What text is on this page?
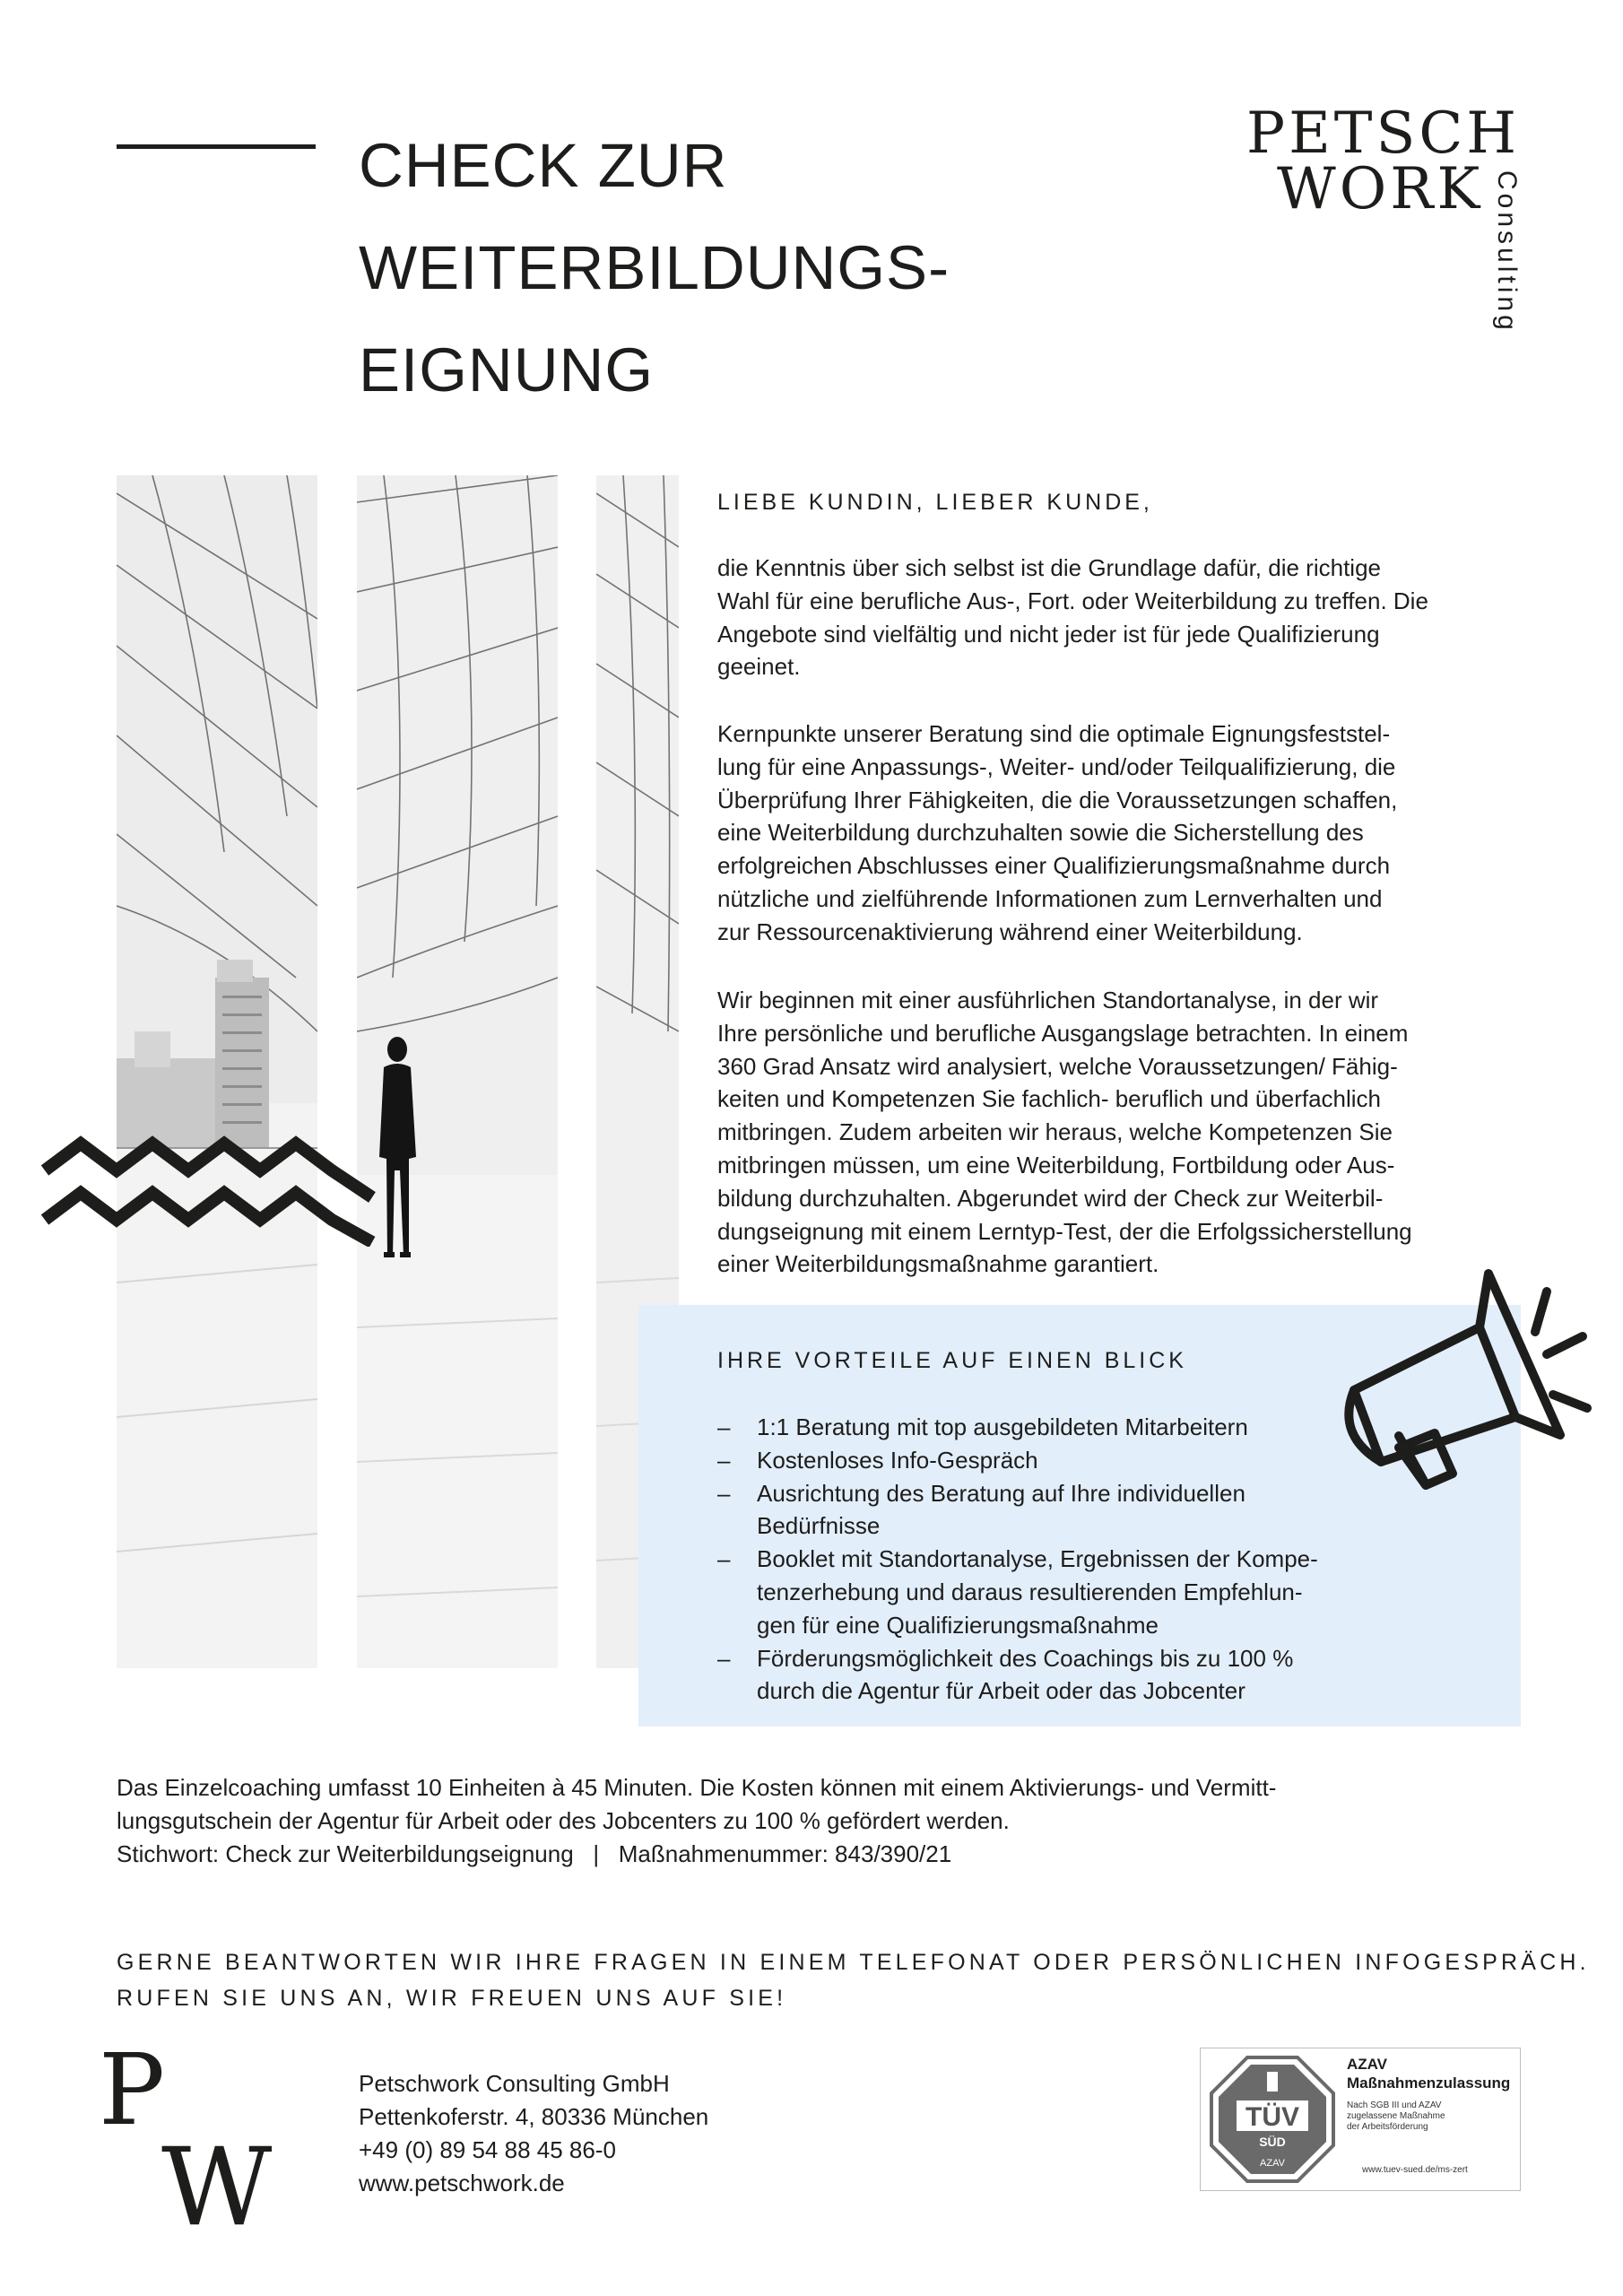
CHECK ZUR
WEITERBILDUNGS-
EIGNUNG
PETSCH
WORK Consulting
LIEBE KUNDIN, LIEBER KUNDE,
die Kenntnis über sich selbst ist die Grundlage dafür, die richtige
Wahl für eine berufliche Aus-, Fort. oder Weiterbildung zu treffen. Die
Angebote sind vielfältig und nicht jeder ist für jede Qualifizierung
geeinet.
Kernpunkte unserer Beratung sind die optimale Eignungsfeststel-
lung für eine Anpassungs-, Weiter- und/oder Teilqualifizierung, die
Überprüfung Ihrer Fähigkeiten, die die Voraussetzungen schaffen,
eine Weiterbildung durchzuhalten sowie die Sicherstellung des
erfolgreichen Abschlusses einer Qualifizierungsmaßnahme durch
nützliche und zielführende Informationen zum Lernverhalten und
zur Ressourcenaktivierung während einer Weiterbildung.
Wir beginnen mit einer ausführlichen Standortanalyse, in der wir
Ihre persönliche und berufliche Ausgangslage betrachten. In einem
360 Grad Ansatz wird analysiert, welche Voraussetzungen/ Fähig-
keiten und Kompetenzen Sie fachlich- beruflich und überfachlich
mitbringen. Zudem arbeiten wir heraus, welche Kompetenzen Sie
mitbringen müssen, um eine Weiterbildung, Fortbildung oder Aus-
bildung durchzuhalten. Abgerundet wird der Check zur Weiterbil-
dungseignung mit einem Lerntyp-Test, der die Erfolgssicherstellung
einer Weiterbildungsmaßnahme garantiert.
IHRE VORTEILE AUF EINEN BLICK
– 1:1 Beratung mit top ausgebildeten Mitarbeitern
– Kostenloses Info-Gespräch
– Ausrichtung des Beratung auf Ihre individuellen
Bedürfnisse
– Booklet mit Standortanalyse, Ergebnissen der Kompe-
tenzerhebung und daraus resultierenden Empfehlun-
gen für eine Qualifizierungsmaßnahme
– Förderungsmöglichkeit des Coachings bis zu 100 %
durch die Agentur für Arbeit oder das Jobcenter
Das Einzelcoaching umfasst 10 Einheiten à 45 Minuten. Die Kosten können mit einem Aktivierungs- und Vermitt-
lungsgutschein der Agentur für Arbeit oder des Jobcenters zu 100 % gefördert werden.
Stichwort: Check zur Weiterbildungseignung   |   Maßnahmenummer: 843/390/21
GERNE BEANTWORTEN WIR IHRE FRAGEN IN EINEM TELEFONAT ODER PERSÖNLICHEN INFOGESPRÄCH.
RUFEN SIE UNS AN, WIR FREUEN UNS AUF SIE!
P
W
Petschwork Consulting GmbH
Pettenkoferstr. 4, 80336 München
+49 (0) 89 54 88 45 86-0
www.petschwork.de
TÜV
SÜD
AZAV
AZAV
Maßnahmenzulassung
Nach SGB III und AZAV
zugelassene Maßnahme
der Arbeitsförderung
www.tuev-sued.de/ms-zert
